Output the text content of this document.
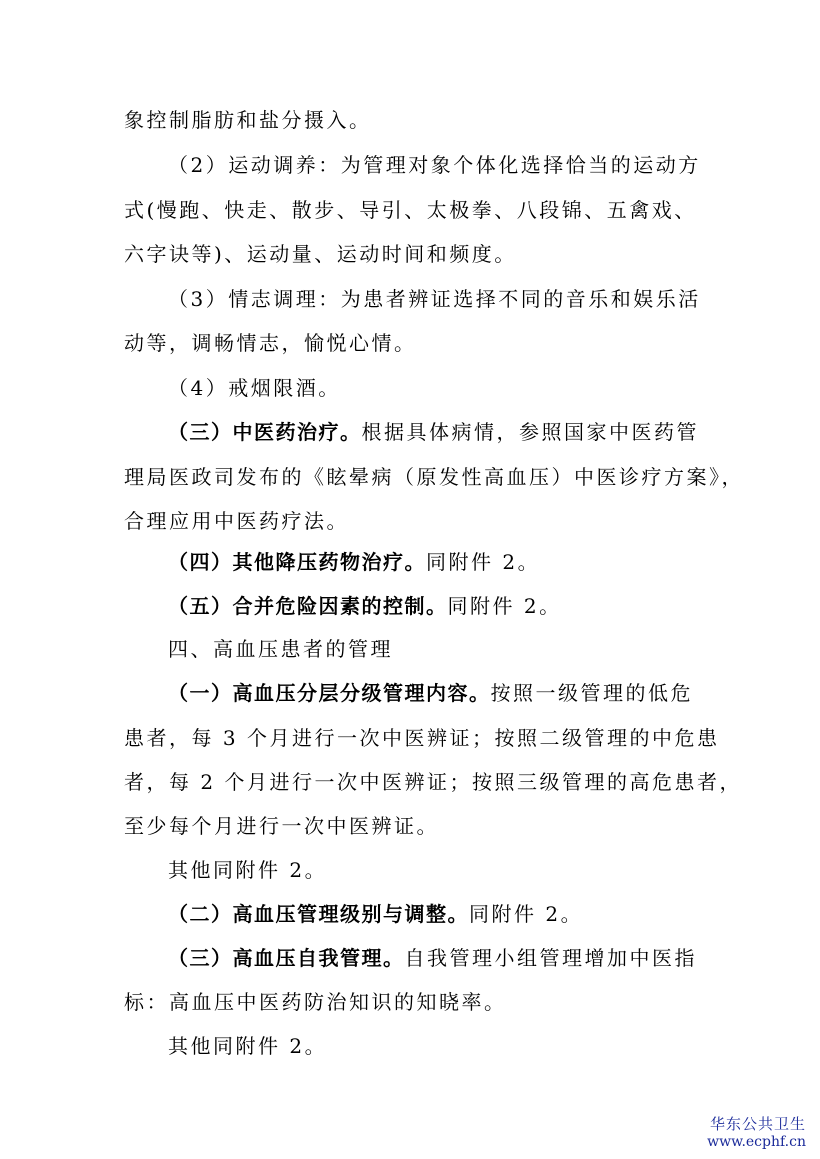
象控制脂肪和盐分摄入。
（2）运动调养：为管理对象个体化选择恰当的运动方
式(慢跑、快走、散步、导引、太极拳、八段锦、五禽戏、
六字诀等)、运动量、运动时间和频度。
（3）情志调理：为患者辨证选择不同的音乐和娱乐活
动等，调畅情志，愉悦心情。
（4）戒烟限酒。
（三）中医药治疗。根据具体病情，参照国家中医药管
理局医政司发布的《眩晕病（原发性高血压）中医诊疗方案》，
合理应用中医药疗法。
（四）其他降压药物治疗。同附件 2。
（五）合并危险因素的控制。同附件 2。
四、高血压患者的管理
（一）高血压分层分级管理内容。按照一级管理的低危
患者，每 3 个月进行一次中医辨证；按照二级管理的中危患
者，每 2 个月进行一次中医辨证；按照三级管理的高危患者，
至少每个月进行一次中医辨证。
其他同附件 2。
（二）高血压管理级别与调整。同附件 2。
（三）高血压自我管理。自我管理小组管理增加中医指
标：高血压中医药防治知识的知晓率。
其他同附件 2。
华东公共卫生
www.ecphf.cn
